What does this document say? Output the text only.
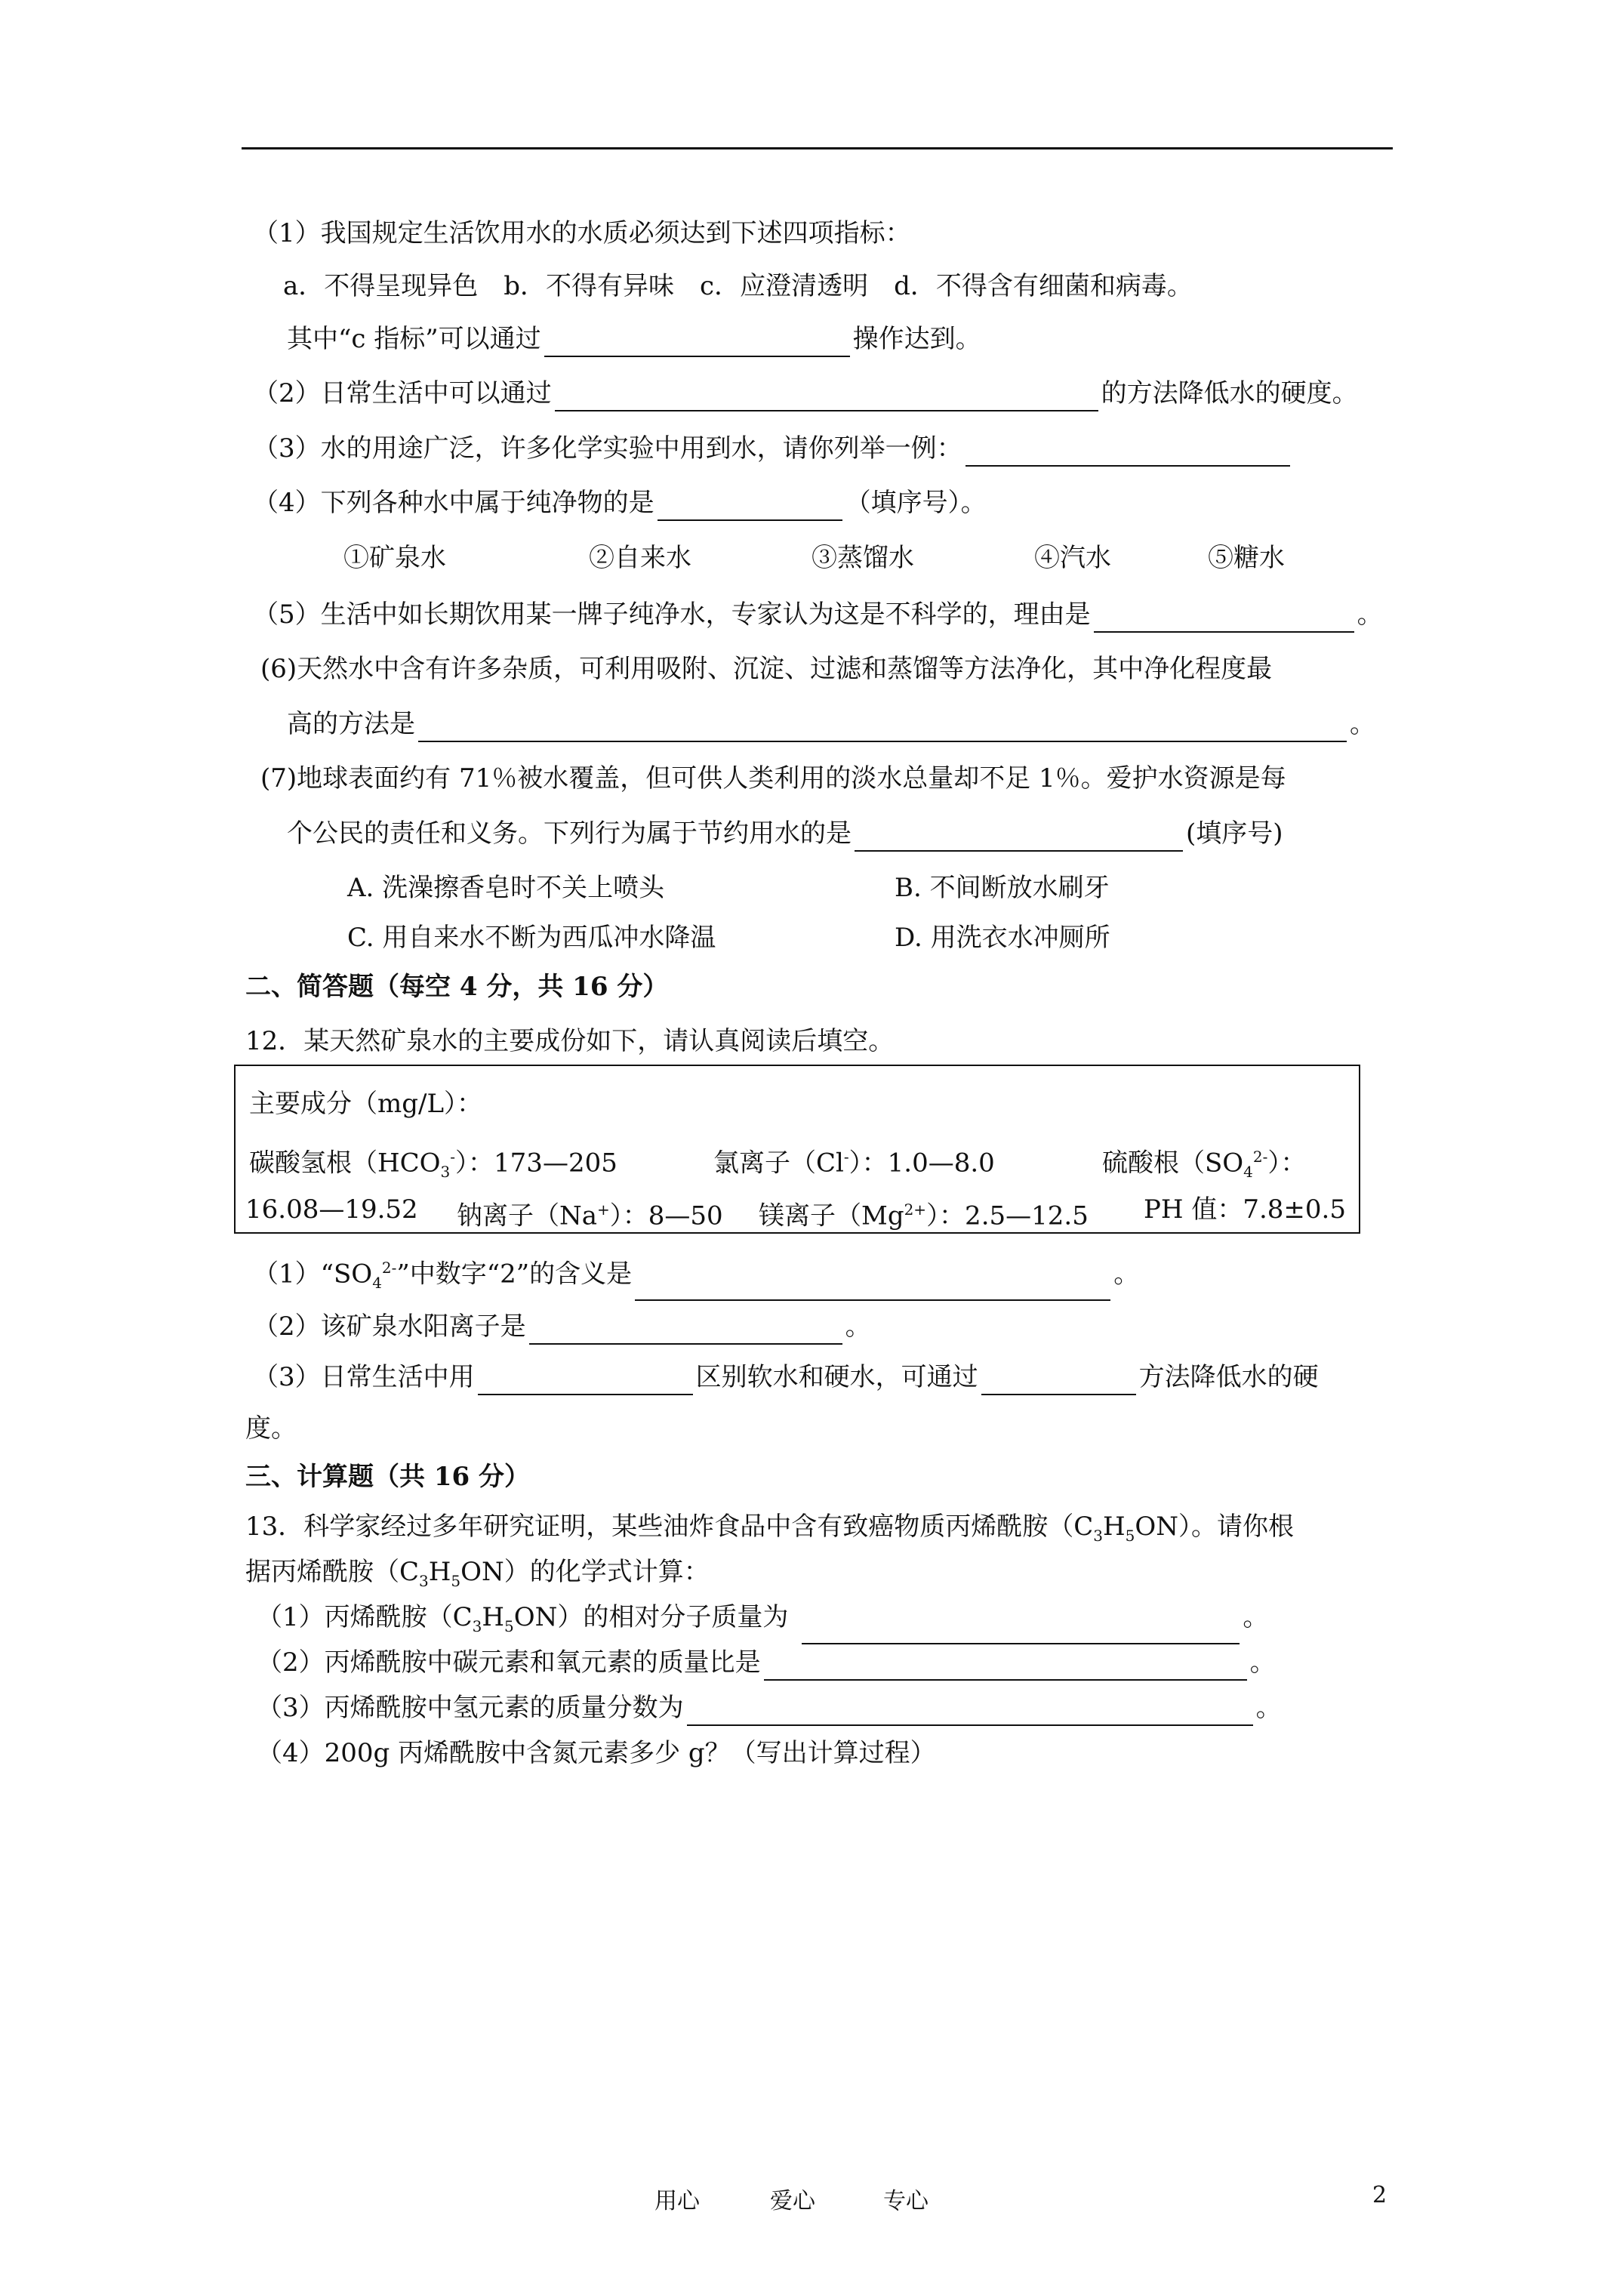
（1）我国规定生活饮用水的水质必须达到下述四项指标：
a．不得呈现异色　b．不得有异味　c．应澄清透明　d．不得含有细菌和病毒。
其中“c 指标”可以通过	操作达到。
（2）日常生活中可以通过	的方法降低水的硬度。
（3）水的用途广泛，许多化学实验中用到水，请你列举一例：
（4）下列各种水中属于纯净物的是	（填序号）。
①矿泉水	②自来水	③蒸馏水	④汽水	⑤糖水
（5）生活中如长期饮用某一牌子纯净水，专家认为这是不科学的，理由是	。
(6)天然水中含有许多杂质，可利用吸附、沉淀、过滤和蒸馏等方法净化，其中净化程度最
高的方法是	。
(7)地球表面约有 71％被水覆盖，但可供人类利用的淡水总量却不足 1％。爱护水资源是每
个公民的责任和义务。下列行为属于节约用水的是	(填序号)
A. 洗澡擦香皂时不关上喷头	B. 不间断放水刷牙
C. 用自来水不断为西瓜冲水降温	D. 用洗衣水冲厕所
二、简答题（每空 4 分，共 16 分）
12．某天然矿泉水的主要成份如下，请认真阅读后填空。
主要成分（mg/L）：
碳酸氢根$(HCO_3^-)$：173—205	氯离子（Cl-）：1.0—8.0	硫酸根$(SO_4^{2-})$：
16.08—19.52 钠离子（Na+）：8—50 镁离子$(Mg^{2+})$：2.5—12.5 PH 值：7.8±0.5
$(1)“SO_4^{2-}$”中数字“2”的含义是	。
（2）该矿泉水阳离子是	。
（3）日常生活中用	区别软水和硬水，可通过	方法降低水的硬
度。
三、计算题（共 16 分）
13．科学家经过多年研究证明，某些油炸食品中含有致癌物质丙烯酰胺$(C_3H_5ON)$。请你根
据丙烯酰胺$(C_3H_5ON)$的化学式计算：
（1）丙烯酰胺$(C_3H_5ON)$的相对分子质量为	。
（2）丙烯酰胺中碳元素和氧元素的质量比是	。
（3）丙烯酰胺中氢元素的质量分数为	。
（4）200g 丙烯酰胺中含氮元素多少 g？（写出计算过程）
用心	爱心	专心	2
